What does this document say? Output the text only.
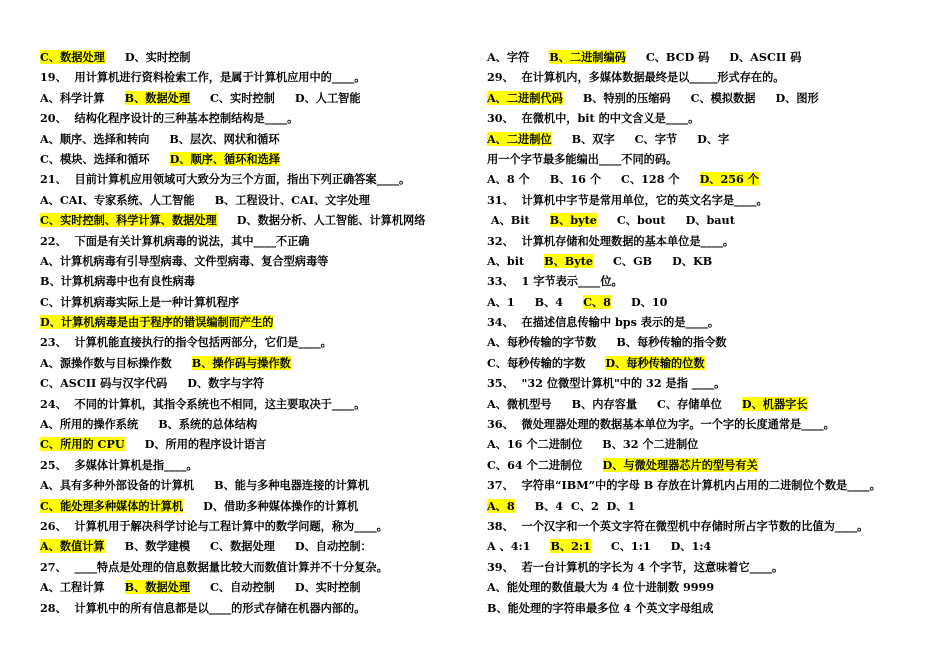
C、数据处理 D、实时控制
19、  用计算机进行资料检索工作，是属于计算机应用中的____。
A、科学计算 B、数据处理 C、实时控制 D、人工智能
20、  结构化程序设计的三种基本控制结构是____。
A、顺序、选择和转向 B、层次、网状和循环
C、模块、选择和循环 D、顺序、循环和选择
21、  目前计算机应用领域可大致分为三个方面，指出下列正确答案____。
A、CAI、专家系统、人工智能 B、工程设计、CAI、文字处理
C、实时控制、科学计算、数据处理 D、数据分析、人工智能、计算机网络
22、  下面是有关计算机病毒的说法，其中____不正确
A、计算机病毒有引导型病毒、文件型病毒、复合型病毒等
B、计算机病毒中也有良性病毒
C、计算机病毒实际上是一种计算机程序
D、计算机病毒是由于程序的错误编制而产生的
23、  计算机能直接执行的指令包括两部分，它们是____。
A、源操作数与目标操作数 B、操作码与操作数
C、ASCII 码与汉字代码 D、数字与字符
24、  不同的计算机，其指令系统也不相同，这主要取决于____。
A、所用的操作系统 B、系统的总体结构
C、所用的 CPU D、所用的程序设计语言
25、  多媒体计算机是指____。
A、具有多种外部设备的计算机 B、能与多种电器连接的计算机
C、能处理多种媒体的计算机 D、借助多种媒体操作的计算机
26、  计算机用于解决科学讨论与工程计算中的数学问题，称为____。
A、数值计算 B、数学建模 C、数据处理 D、自动控制：
27、  ____特点是处理的信息数据量比较大而数值计算并不十分复杂。
A、工程计算 B、数据处理 C、自动控制 D、实时控制
28、  计算机中的所有信息都是以____的形式存储在机器内部的。
A、字符 B、二进制编码 C、BCD 码 D、ASCII 码
29、  在计算机内，多媒体数据最终是以_____形式存在的。
A、二进制代码 B、特别的压缩码 C、模拟数据 D、图形
30、  在微机中，bit 的中文含义是____。
A、二进制位 B、双字 C、字节 D、字
用一个字节最多能编出____不同的码。
A、8 个 B、16 个 C、128 个 D、256 个
31、  计算机中字节是常用单位，它的英文名字是____。
A、Bit B、byte C、bout D、baut
32、  计算机存储和处理数据的基本单位是____。
A、bit B、Byte C、GB D、KB
33、  1 字节表示____位。
A、1 B、4 C、8 D、10
34、  在描述信息传输中 bps 表示的是____。
A、每秒传输的字节数 B、每秒传输的指令数
C、每秒传输的字数 D、每秒传输的位数
35、  "32 位微型计算机"中的 32 是指 ____。
A、微机型号 B、内存容量 C、存储单位 D、机器字长
36、  微处理器处理的数据基本单位为字。一个字的长度通常是____。
A、16 个二进制位 B、32 个二进制位
C、64 个二进制位 D、与微处理器芯片的型号有关
37、  字符串“IBM”中的字母 B 存放在计算机内占用的二进制位个数是____。
A、8 B、4  C、2  D、1
38、  一个汉字和一个英文字符在微型机中存储时所占字节数的比值为____。
A 、4:1 B、2:1 C、1:1 D、1:4
39、  若一台计算机的字长为 4 个字节，这意味着它____。
A、能处理的数值最大为 4 位十进制数 9999
B、能处理的字符串最多位 4 个英文字母组成
